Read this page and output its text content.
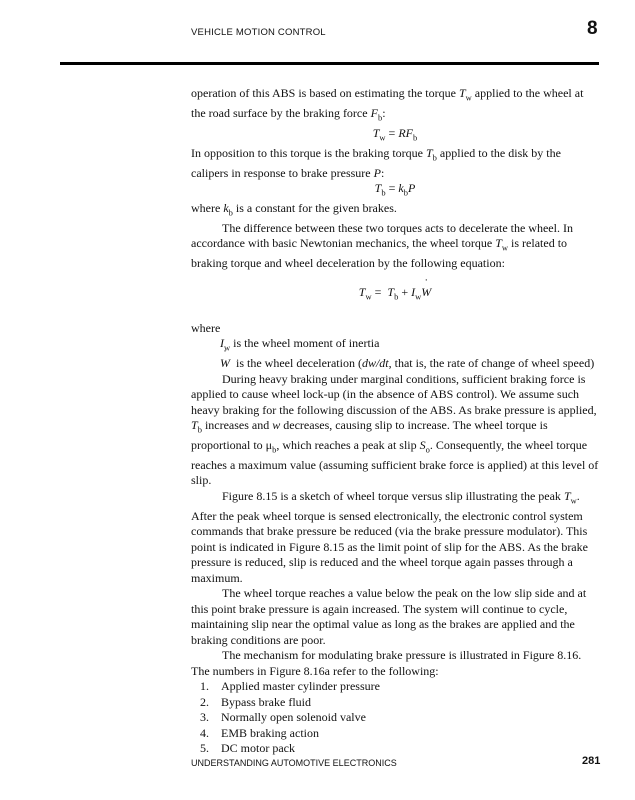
VEHICLE MOTION CONTROL	8

operation of this ABS is based on estimating the torque $T_w$ applied to the wheel at the road surface by the braking force $F_b$:

$T_w = RF_b$

In opposition to this torque is the braking torque $T_b$ applied to the disk by the calipers in response to brake pressure P:

$T_b = k_bP$

where $k_b$ is a constant for the given brakes.

The difference between these two torques acts to decelerate the wheel. In accordance with basic Newtonian mechanics, the wheel torque $T_w$ is related to braking torque and wheel deceleration by the following equation:

$T_w = T_b$ + $I_w˙$ W

where

$I_w$ is the wheel moment of inertia

˙ W  is the wheel deceleration (dw/dt, that is, the rate of change of wheel speed)

During heavy braking under marginal conditions, sufficient braking force is applied to cause wheel lock-up (in the absence of ABS control). We assume such heavy braking for the following discussion of the ABS. As brake pressure is applied, $T_b$ increases and w decreases, causing slip to increase. The wheel torque is proportional to $\mu_b$, which reaches a peak at slip $S_o$. Consequently, the wheel torque reaches a maximum value (assuming sufficient brake force is applied) at this level of slip.

Figure 8.15 is a sketch of wheel torque versus slip illustrating the peak $T_w$. After the peak wheel torque is sensed electronically, the electronic control system commands that brake pressure be reduced (via the brake pressure modulator). This point is indicated in Figure 8.15 as the limit point of slip for the ABS. As the brake pressure is reduced, slip is reduced and the wheel torque again passes through a maximum.

The wheel torque reaches a value below the peak on the low slip side and at this point brake pressure is again increased. The system will continue to cycle, maintaining slip near the optimal value as long as the brakes are applied and the braking conditions are poor.

The mechanism for modulating brake pressure is illustrated in Figure 8.16. The numbers in Figure 8.16a refer to the following:

1.	Applied master cylinder pressure
2.	Bypass brake fluid
3.	Normally open solenoid valve
4.	EMB braking action
5.	DC motor pack
UNDERSTANDING AUTOMOTIVE ELECTRONICS	281
